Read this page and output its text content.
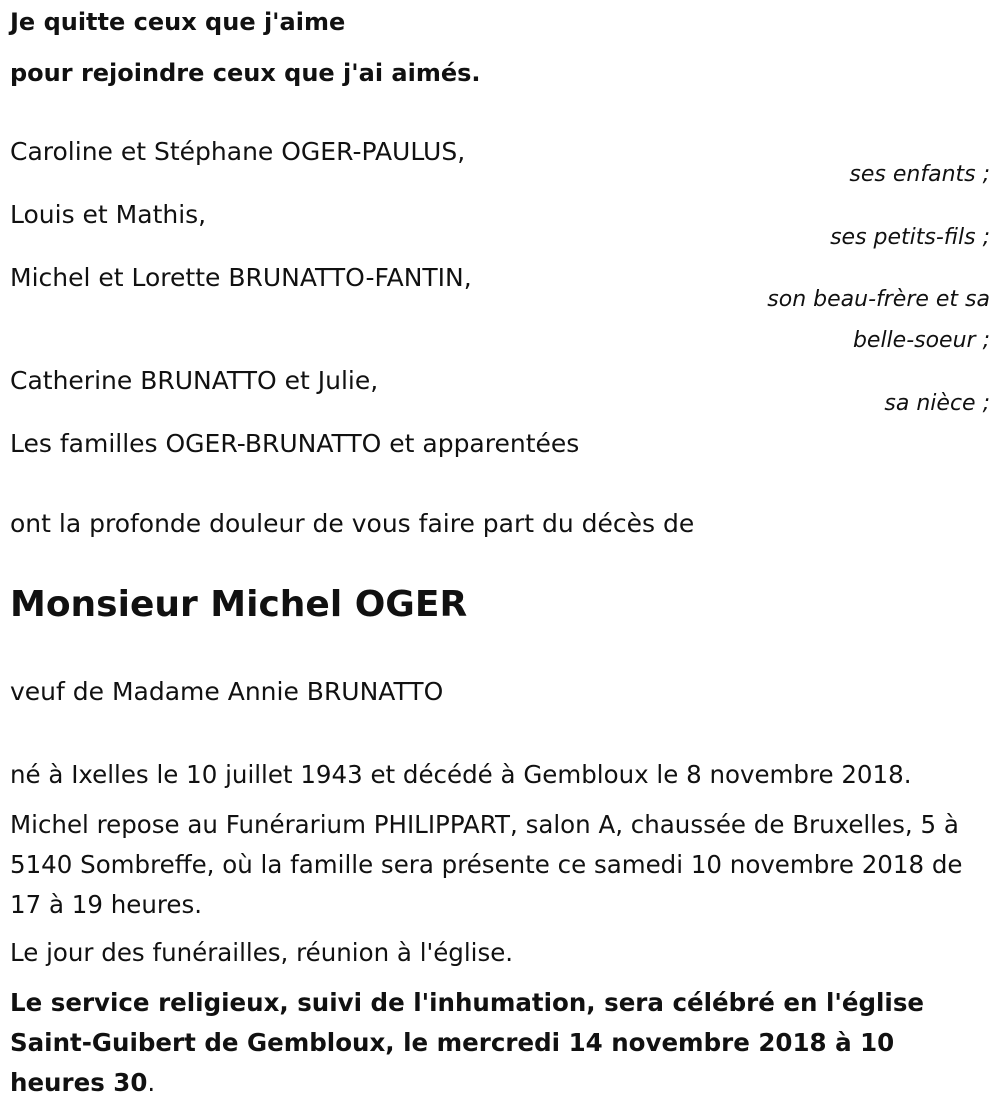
Je quitte ceux que j'aime

pour rejoindre ceux que j'ai aimés.

Caroline et Stéphane OGER-PAULUS,

ses enfants ;

Louis et Mathis,

ses petits-fils ;

Michel et Lorette BRUNATTO-FANTIN,

son beau-frère et sa

belle-soeur ;

Catherine BRUNATTO et Julie,

sa nièce ;

Les familles OGER-BRUNATTO et apparentées

ont la profonde douleur de vous faire part du décès de

Monsieur Michel OGER

veuf de Madame Annie BRUNATTO

né à Ixelles le 10 juillet 1943 et décédé à Gembloux le 8 novembre 2018.

Michel repose au Funérarium PHILIPPART, salon A, chaussée de Bruxelles, 5 à 5140 Sombreffe, où la famille sera présente ce samedi 10 novembre 2018 de 17 à 19 heures.

Le jour des funérailles, réunion à l'église.

Le service religieux, suivi de l'inhumation, sera célébré en l'église Saint-Guibert de Gembloux, le mercredi 14 novembre 2018 à 10 heures 30.
